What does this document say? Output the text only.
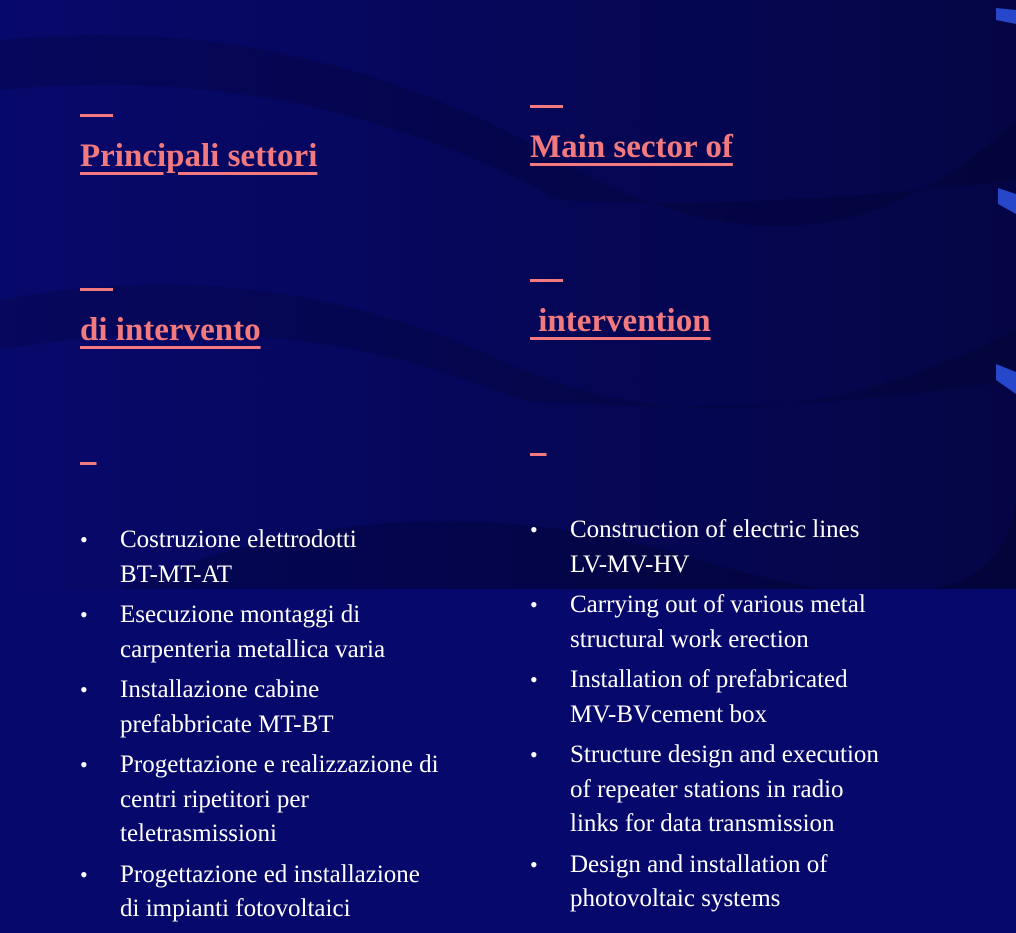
Principali settori

di intervento

• Costruzione elettrodotti
BT-MT-AT
• Esecuzione montaggi di
carpenteria metallica varia
• Installazione cabine
prefabbricate MT-BT
• Progettazione e realizzazione di
centri ripetitori per
teletrasmissioni
• Progettazione ed installazione
di impianti fotovoltaici

Main sector of

intervention

• Construction of electric lines
LV-MV-HV
• Carrying out of various metal
structural work erection
• Installation of prefabricated
MV-BVcement box
• Structure design and execution
of repeater stations in radio
links for data transmission
• Design and installation of
photovoltaic systems
